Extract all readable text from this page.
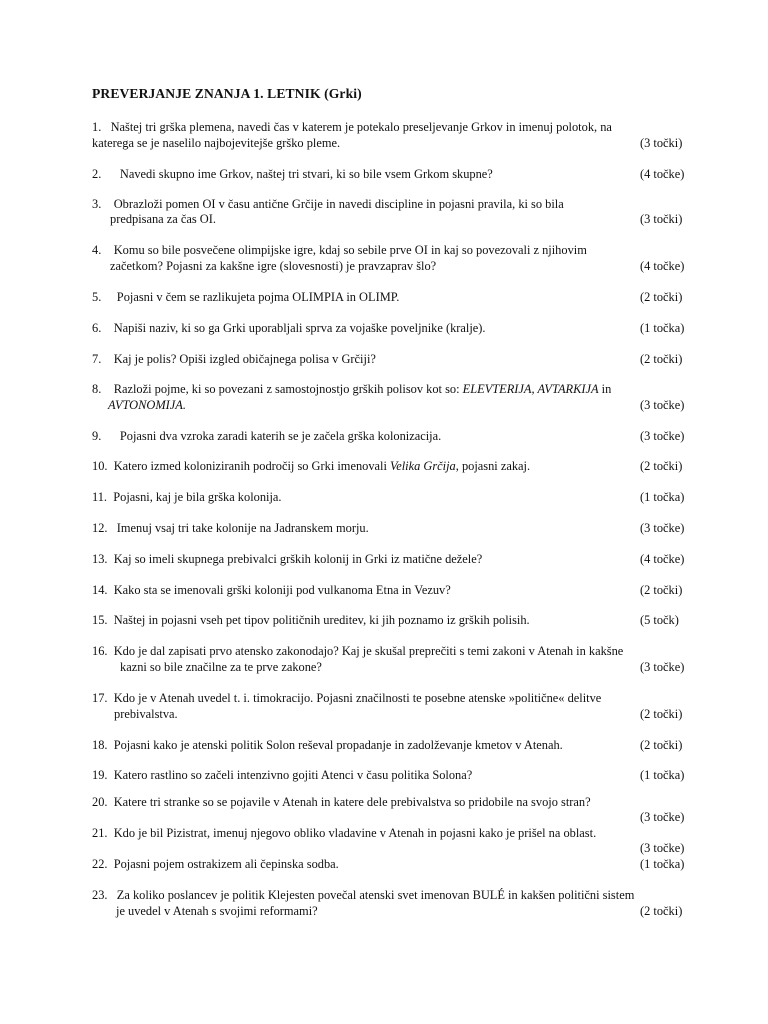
PREVERJANJE ZNANJA 1. LETNIK (Grki)
1. Naštej tri grška plemena, navedi čas v katerem je potekalo preseljevanje Grkov in imenuj polotok, na
katerega se je naselilo najbojevitejše grško pleme.	(3 točki)
2. Navedi skupno ime Grkov, naštej tri stvari, ki so bile vsem Grkom skupne?	(4 točke)
3. Obrazloži pomen OI v času antične Grčije in navedi discipline in pojasni pravila, ki so bila
predpisana za čas OI.	(3 točki)
4. Komu so bile posvečene olimpijske igre, kdaj so sebile prve OI in kaj so povezovali z njihovim
začetkom? Pojasni za kakšne igre (slovesnosti) je pravzaprav šlo?	(4 točke)
5. Pojasni v čem se razlikujeta pojma OLIMPIA in OLIMP.	(2 točki)
6. Napiši naziv, ki so ga Grki uporabljali sprva za vojaške poveljnike (kralje).	(1 točka)
7. Kaj je polis? Opiši izgled običajnega polisa v Grčiji?	(2 točki)
8. Razloži pojme, ki so povezani z samostojnostjo grških polisov kot so: ELEVTERIJA, AVTARKIJA in
AVTONOMIJA.	(3 točke)
9. Pojasni dva vzroka zaradi katerih se je začela grška kolonizacija.	(3 točke)
10. Katero izmed koloniziranih področij so Grki imenovali Velika Grčija, pojasni zakaj.	(2 točki)
11. Pojasni, kaj je bila grška kolonija.	(1 točka)
12. Imenuj vsaj tri take kolonije na Jadranskem morju.	(3 točke)
13. Kaj so imeli skupnega prebivalci grških kolonij in Grki iz matične dežele?	(4 točke)
14. Kako sta se imenovali grški koloniji pod vulkanoma Etna in Vezuv?	(2 točki)
15. Naštej in pojasni vseh pet tipov političnih ureditev, ki jih poznamo iz grških polisih.	(5 točk)
16. Kdo je dal zapisati prvo atensko zakonodajo? Kaj je skušal preprečiti s temi zakoni v Atenah in kakšne
kazni so bile značilne za te prve zakone?	(3 točke)
17. Kdo je v Atenah uvedel t. i. timokracijo. Pojasni značilnosti te posebne atenske »politične« delitve
prebivalstva.	(2 točki)
18. Pojasni kako je atenski politik Solon reševal propadanje in zadolževanje kmetov v Atenah.	(2 točki)
19. Katero rastlino so začeli intenzivno gojiti Atenci v času politika Solona?	(1 točka)
20. Katere tri stranke so se pojavile v Atenah in katere dele prebivalstva so pridobile na svojo stran?
(3 točke)
21. Kdo je bil Pizistrat, imenuj njegovo obliko vladavine v Atenah in pojasni kako je prišel na oblast.
(3 točke)
22. Pojasni pojem ostrakizem ali čepinska sodba.	(1 točka)
23. Za koliko poslancev je politik Klejesten povečal atenski svet imenovan BULÉ in kakšen politični sistem
je uvedel v Atenah s svojimi reformami?	(2 točki)
